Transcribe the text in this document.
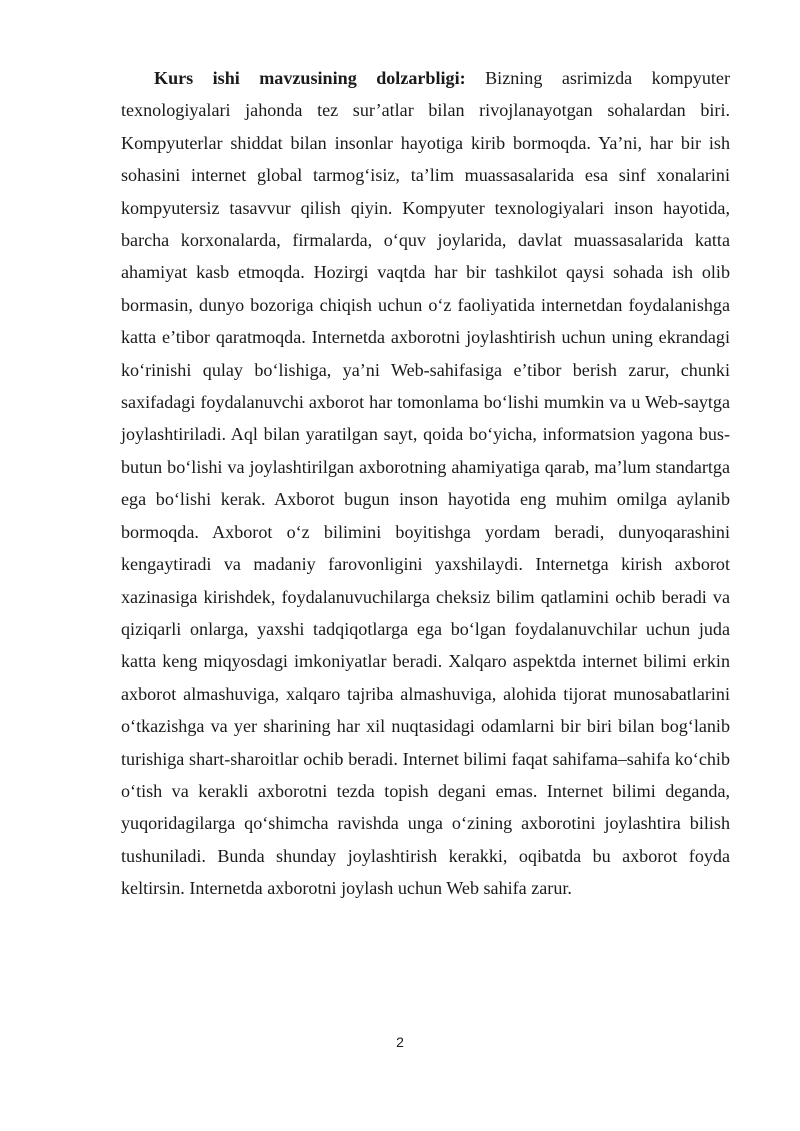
Kurs ishi mavzusining dolzarbligi: Bizning asrimizda kompyuter texnologiyalari jahonda tez sur’atlar bilan rivojlanayotgan sohalardan biri. Kompyuterlar shiddat bilan insonlar hayotiga kirib bormoqda. Ya’ni, har bir ish sohasini internet global tarmog‘isiz, ta’lim muassasalarida esa sinf xonalarini kompyutersiz tasavvur qilish qiyin. Kompyuter texnologiyalari inson hayotida, barcha korxonalarda, firmalarda, o‘quv joylarida, davlat muassasalarida katta ahamiyat kasb etmoqda. Hozirgi vaqtda har bir tashkilot qaysi sohada ish olib bormasin, dunyo bozoriga chiqish uchun o‘z faoliyatida internetdan foydalanishga katta e’tibor qaratmoqda. Internetda axborotni joylashtirish uchun uning ekrandagi ko‘rinishi qulay bo‘lishiga, ya’ni Web-sahifasiga e’tibor berish zarur, chunki saxifadagi foydalanuvchi axborot har tomonlama bo‘lishi mumkin va u Web-saytga joylashtiriladi. Aql bilan yaratilgan sayt, qoida bo‘yicha, informatsion yagona bus-butun bo‘lishi va joylashtirilgan axborotning ahamiyatiga qarab, ma’lum standartga ega bo‘lishi kerak. Axborot bugun inson hayotida eng muhim omilga aylanib bormoqda. Axborot o‘z bilimini boyitishga yordam beradi, dunyoqarashini kengaytiradi va madaniy farovonligini yaxshilaydi. Internetga kirish axborot xazinasiga kirishdek, foydalanuvuchilarga cheksiz bilim qatlamini ochib beradi va qiziqarli onlarga, yaxshi tadqiqotlarga ega bo‘lgan foydalanuvchilar uchun juda katta keng miqyosdagi imkoniyatlar beradi. Xalqaro aspektda internet bilimi erkin axborot almashuviga, xalqaro tajriba almashuviga, alohida tijorat munosabatlarini o‘tkazishga va yer sharining har xil nuqtasidagi odamlarni bir biri bilan bog‘lanib turishiga shart-sharoitlar ochib beradi. Internet bilimi faqat sahifama–sahifa ko‘chib o‘tish va kerakli axborotni tezda topish degani emas. Internet bilimi deganda, yuqoridagilarga qo‘shimcha ravishda unga o‘zining axborotini joylashtira bilish tushuniladi. Bunda shunday joylashtirish kerakki, oqibatda bu axborot foyda keltirsin. Internetda axborotni joylash uchun Web sahifa zarur.

2
